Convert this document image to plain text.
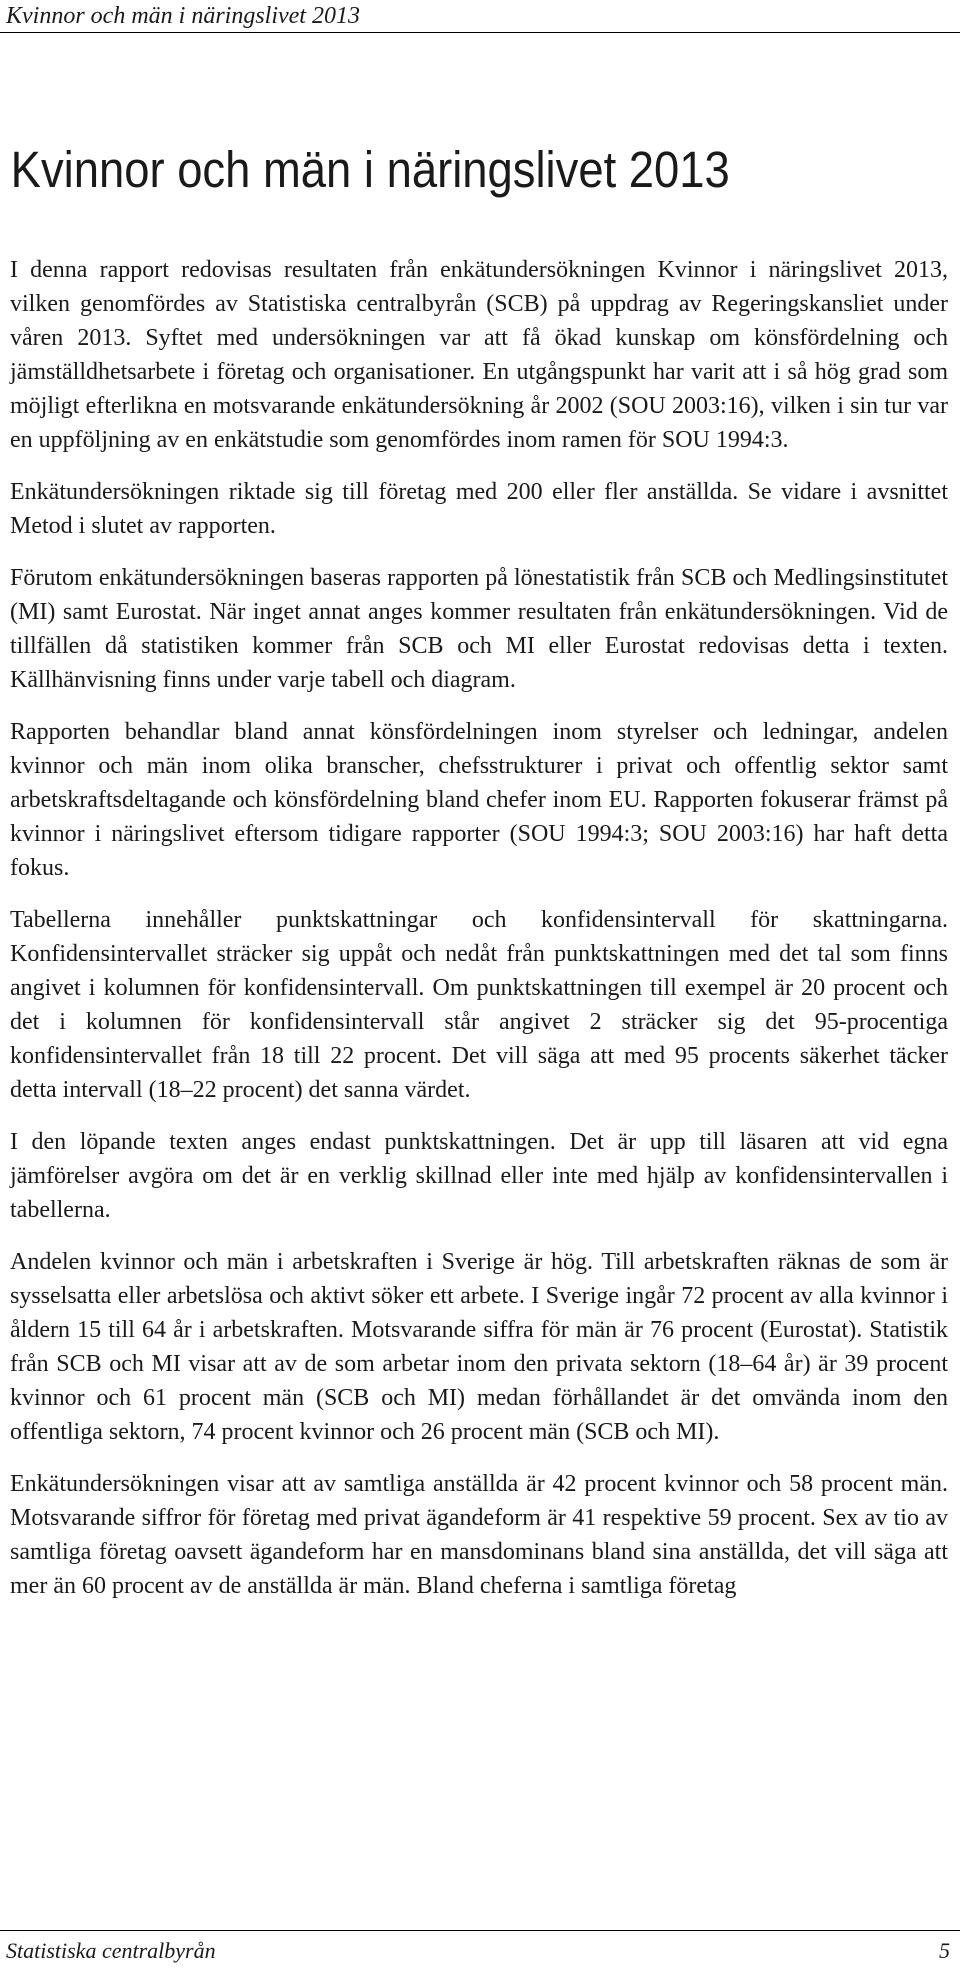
Kvinnor och män i näringslivet 2013
Kvinnor och män i näringslivet 2013

I denna rapport redovisas resultaten från enkätundersökningen Kvinnor i näringslivet 2013, vilken genomfördes av Statistiska centralbyrån (SCB) på uppdrag av Regeringskansliet under våren 2013. Syftet med undersökningen var att få ökad kunskap om könsfördelning och jämställdhetsarbete i företag och organisationer. En utgångspunkt har varit att i så hög grad som möjligt efterlikna en motsvarande enkätundersökning år 2002 (SOU 2003:16), vilken i sin tur var en uppföljning av en enkätstudie som genomfördes inom ramen för SOU 1994:3.

Enkätundersökningen riktade sig till företag med 200 eller fler anställda. Se vidare i avsnittet Metod i slutet av rapporten.

Förutom enkätundersökningen baseras rapporten på lönestatistik från SCB och Medlingsinstitutet (MI) samt Eurostat. När inget annat anges kommer resultaten från enkätundersökningen. Vid de tillfällen då statistiken kommer från SCB och MI eller Eurostat redovisas detta i texten. Källhänvisning finns under varje tabell och diagram.

Rapporten behandlar bland annat könsfördelningen inom styrelser och ledningar, andelen kvinnor och män inom olika branscher, chefsstrukturer i privat och offentlig sektor samt arbetskraftsdeltagande och könsfördelning bland chefer inom EU. Rapporten fokuserar främst på kvinnor i näringslivet eftersom tidigare rapporter (SOU 1994:3; SOU 2003:16) har haft detta fokus.

Tabellerna innehåller punktskattningar och konfidensintervall för skattningarna. Konfidensintervallet sträcker sig uppåt och nedåt från punktskattningen med det tal som finns angivet i kolumnen för konfidensintervall. Om punktskattningen till exempel är 20 procent och det i kolumnen för konfidensintervall står angivet 2 sträcker sig det 95-procentiga konfidensintervallet från 18 till 22 procent. Det vill säga att med 95 procents säkerhet täcker detta intervall (18–22 procent) det sanna värdet.

I den löpande texten anges endast punktskattningen. Det är upp till läsaren att vid egna jämförelser avgöra om det är en verklig skillnad eller inte med hjälp av konfidensintervallen i tabellerna.

Andelen kvinnor och män i arbetskraften i Sverige är hög. Till arbetskraften räknas de som är sysselsatta eller arbetslösa och aktivt söker ett arbete. I Sverige ingår 72 procent av alla kvinnor i åldern 15 till 64 år i arbetskraften. Motsvarande siffra för män är 76 procent (Eurostat). Statistik från SCB och MI visar att av de som arbetar inom den privata sektorn (18–64 år) är 39 procent kvinnor och 61 procent män (SCB och MI) medan förhållandet är det omvända inom den offentliga sektorn, 74 procent kvinnor och 26 procent män (SCB och MI).

Enkätundersökningen visar att av samtliga anställda är 42 procent kvinnor och 58 procent män. Motsvarande siffror för företag med privat ägandeform är 41 respektive 59 procent. Sex av tio av samtliga företag oavsett ägandeform har en mansdominans bland sina anställda, det vill säga att mer än 60 procent av de anställda är män. Bland cheferna i samtliga företag

Statistiska centralbyrån	5
